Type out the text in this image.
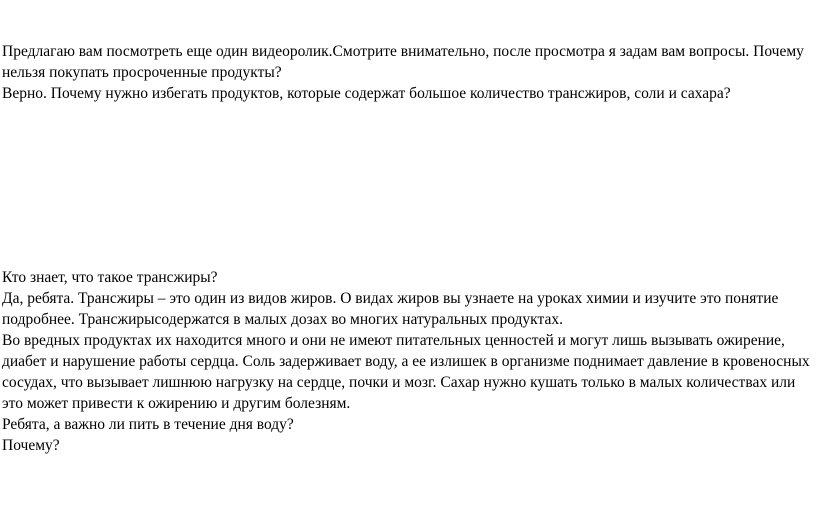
Предлагаю вам посмотреть еще один видеоролик.Смотрите внимательно, после просмотра я задам вам вопросы. Почему нельзя покупать просроченные продукты?

Верно. Почему нужно избегать продуктов, которые содержат большое количество трансжиров, соли и сахара?

Кто знает, что такое трансжиры?

Да, ребята. Трансжиры – это один из видов жиров. О видах жиров вы узнаете на уроках химии и изучите это понятие подробнее. Трансжирысодержатся в малых дозах во многих натуральных продуктах.

Во вредных продуктах их находится много и они не имеют питательных ценностей и могут лишь вызывать ожирение, диабет и нарушение работы сердца. Соль задерживает воду, а ее излишек в организме поднимает давление в кровеносных сосудах, что вызывает лишнюю нагрузку на сердце, почки и мозг. Сахар нужно кушать только в малых количествах или это может привести к ожирению и другим болезням.

Ребята, а важно ли пить в течение дня воду?

Почему?
